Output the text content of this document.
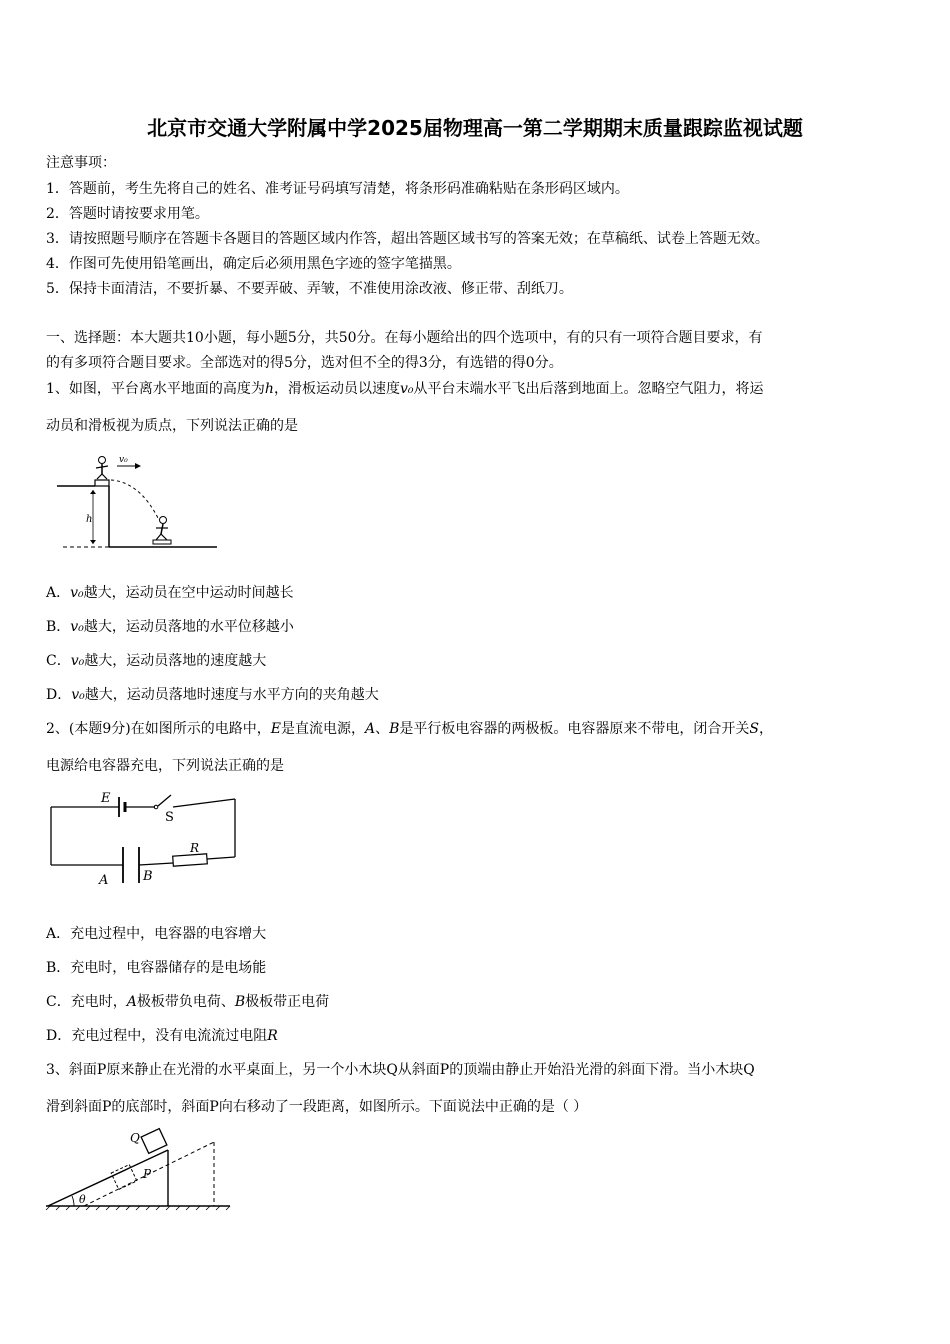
北京市交通大学附属中学2025届物理高一第二学期期末质量跟踪监视试题
注意事项：
1．答题前，考生先将自己的姓名、准考证号码填写清楚，将条形码准确粘贴在条形码区域内。
2．答题时请按要求用笔。
3．请按照题号顺序在答题卡各题目的答题区域内作答，超出答题区域书写的答案无效；在草稿纸、试卷上答题无效。
4．作图可先使用铅笔画出，确定后必须用黑色字迹的签字笔描黑。
5．保持卡面清洁，不要折暴、不要弄破、弄皱，不准使用涂改液、修正带、刮纸刀。
一、选择题：本大题共10小题，每小题5分，共50分。在每小题给出的四个选项中，有的只有一项符合题目要求，有
的有多项符合题目要求。全部选对的得5分，选对但不全的得3分，有选错的得0分。
1、如图，平台离水平地面的高度为h，滑板运动员以速度v₀从平台末端水平飞出后落到地面上。忽略空气阻力，将运
动员和滑板视为质点，下列说法正确的是
h
v₀
A．v₀越大，运动员在空中运动时间越长
B．v₀越大，运动员落地的水平位移越小
C．v₀越大，运动员落地的速度越大
D．v₀越大，运动员落地时速度与水平方向的夹角越大
2、(本题9分)在如图所示的电路中，E是直流电源，A、B是平行板电容器的两极板。电容器原来不带电，闭合开关S，
电源给电容器充电，下列说法正确的是
E
S
R
A	B
A．充电过程中，电容器的电容增大
B．充电时，电容器储存的是电场能
C．充电时，A极板带负电荷、B极板带正电荷
D．充电过程中，没有电流流过电阻R
3、斜面P原来静止在光滑的水平桌面上，另一个小木块Q从斜面P的顶端由静止开始沿光滑的斜面下滑。当小木块Q
滑到斜面P的底部时，斜面P向右移动了一段距离，如图所示。下面说法中正确的是（ ）
Q
P
θ
